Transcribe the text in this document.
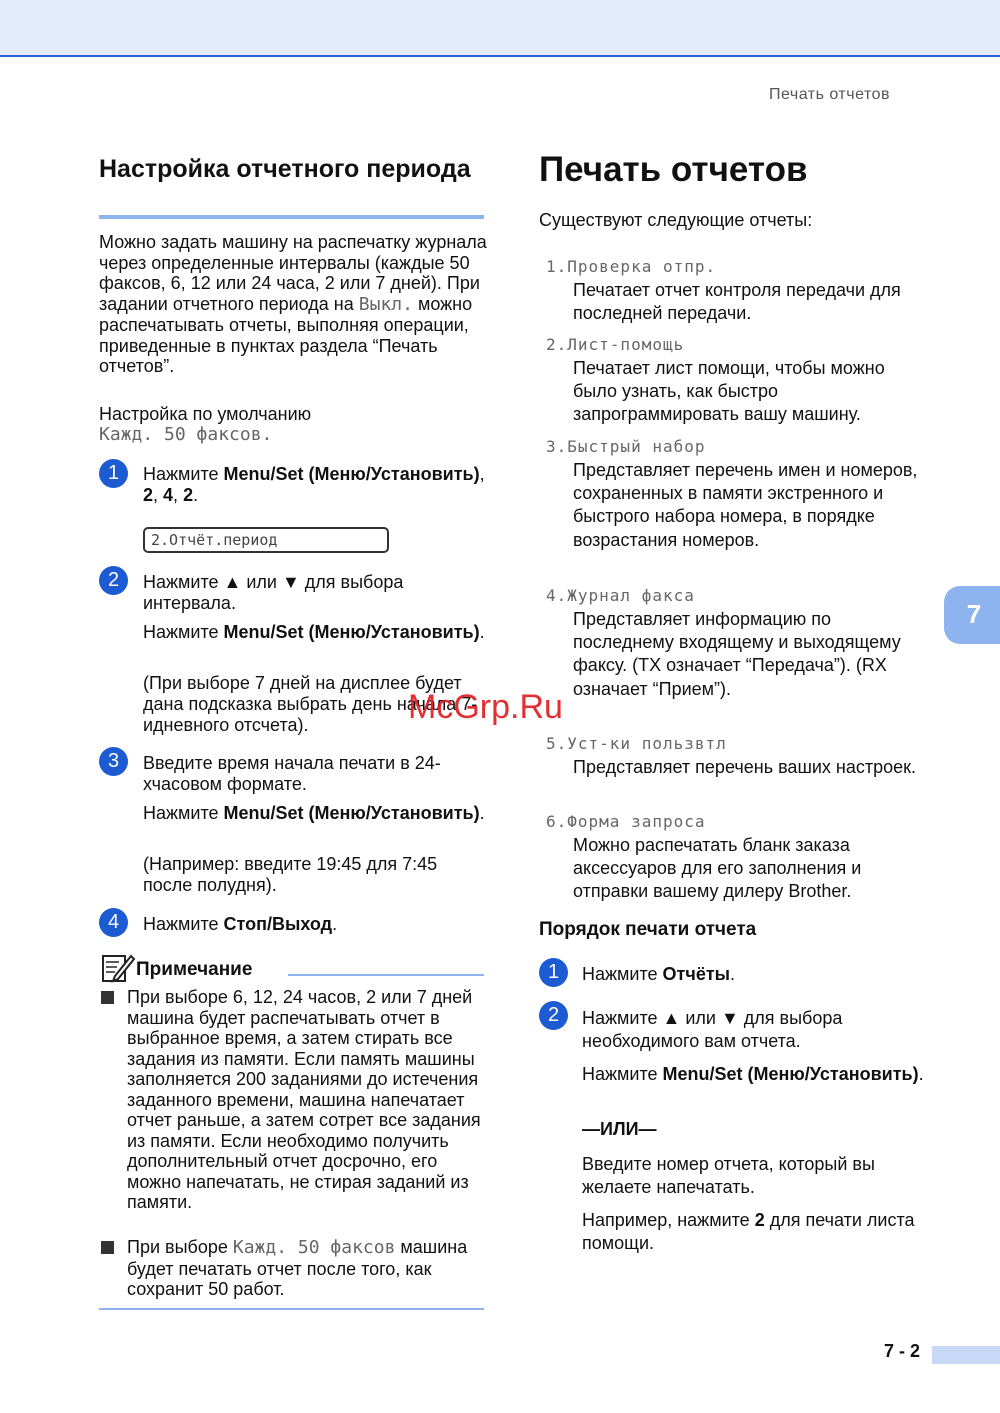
Печать отчетов
Настройка отчетного периода
Можно задать машину на распечатку журнала через определенные интервалы (каждые 50 факсов, 6, 12 или 24 часа, 2 или 7 дней). При задании отчетного периода на Выкл. можно распечатывать отчеты, выполняя операции, приведенные в пунктах раздела “Печать отчетов”.
Настройка по умолчанию
Кажд. 50 факсов.
1	Нажмите Menu/Set (Меню/Установить), 2, 4, 2.
2.Отчёт.период
2	Нажмите ▲ или ▼ для выбора интервала.
Нажмите Menu/Set (Меню/Установить).
(При выборе 7 дней на дисплее будет дана подсказка выбрать день начала 7-идневного отсчета).
3	Введите время начала печати в 24-хчасовом формате.
Нажмите Menu/Set (Меню/Установить).
(Например: введите 19:45 для 7:45 после полудня).
4	Нажмите Стоп/Выход.
Примечание
При выборе 6, 12, 24 часов, 2 или 7 дней машина будет распечатывать отчет в выбранное время, а затем стирать все задания из памяти. Если память машины заполняется 200 заданиями до истечения заданного времени, машина напечатает отчет раньше, а затем сотрет все задания из памяти. Если необходимо получить дополнительный отчет досрочно, его можно напечатать, не стирая заданий из памяти.
При выборе Кажд. 50 факсов машина будет печатать отчет после того, как сохранит 50 работ.
Печать отчетов
Существуют следующие отчеты:
1.Проверка отпр.
Печатает отчет контроля передачи для последней передачи.
2.Лист-помощь
Печатает лист помощи, чтобы можно было узнать, как быстро запрограммировать вашу машину.
3.Быстрый набор
Представляет перечень имен и номеров, сохраненных в памяти экстренного и быстрого набора номера, в порядке возрастания номеров.
4.Журнал факса
Представляет информацию по последнему входящему и выходящему факсу. (TX означает “Передача”). (RX означает “Прием”).
5.Уст-ки пользвтл
Представляет перечень ваших настроек.
6.Форма запроса
Можно распечатать бланк заказа аксессуаров для его заполнения и отправки вашему дилеру Brother.
Порядок печати отчета
1	Нажмите Отчёты.
2	Нажмите ▲ или ▼ для выбора необходимого вам отчета.
Нажмите Menu/Set (Меню/Установить).
—ИЛИ—
Введите номер отчета, который вы желаете напечатать.
Например, нажмите 2 для печати листа помощи.
7
7 - 2
McGrp.Ru
